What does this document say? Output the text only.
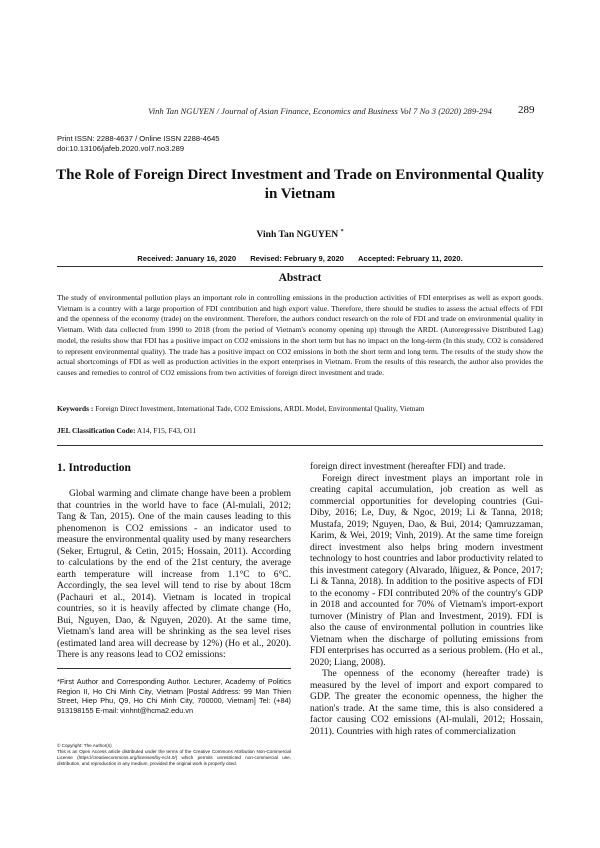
Vinh Tan NGUYEN / Journal of Asian Finance, Economics and Business Vol 7 No 3 (2020) 289-294	289
Print ISSN: 2288-4637 / Online ISSN 2288-4645
doi:10.13106/jafeb.2020.vol7.no3.289
The Role of Foreign Direct Investment and Trade on Environmental Quality in Vietnam
Vinh Tan NGUYEN *
Received: January 16, 2020 Revised: February 9, 2020 Accepted: February 11, 2020.
Abstract
The study of environmental pollution plays an important role in controlling emissions in the production activities of FDI enterprises as well as export goods. Vietnam is a country with a large proportion of FDI contribution and high export value. Therefore, there should be studies to assess the actual effects of FDI and the openness of the economy (trade) on the environment. Therefore, the authors conduct research on the role of FDI and trade on environmental quality in Vietnam. With data collected from 1990 to 2018 (from the period of Vietnam's economy opening up) through the ARDL (Autoregressive Distributed Lag) model, the results show that FDI has a positive impact on CO2 emissions in the short term but has no impact on the long-term (In this study, CO2 is considered to represent environmental quality). The trade has a positive impact on CO2 emissions in both the short term and long term. The results of the study show the actual shortcomings of FDI as well as production activities in the export enterprises in Vietnam. From the results of this research, the author also provides the causes and remedies to control of CO2 emissions from two activities of foreign direct investment and trade.
Keywords : Foreign Direct Investment, International Tade, CO2 Emissions, ARDL Model, Environmental Quality, Vietnam
JEL Classification Code: A14, F15, F43, O11
1. Introduction
Global warming and climate change have been a problem that countries in the world have to face (Al-mulali, 2012; Tang & Tan, 2015). One of the main causes leading to this phenomenon is CO2 emissions - an indicator used to measure the environmental quality used by many researchers (Seker, Ertugrul, & Cetin, 2015; Hossain, 2011). According to calculations by the end of the 21st century, the average earth temperature will increase from 1.1°C to 6°C. Accordingly, the sea level will tend to rise by about 18cm (Pachauri et al., 2014). Vietnam is located in tropical countries, so it is heavily affected by climate change (Ho, Bui, Nguyen, Dao, & Nguyen, 2020). At the same time, Vietnam's land area will be shrinking as the sea level rises (estimated land area will decrease by 12%) (Ho et al., 2020). There is any reasons lead to CO2 emissions:

foreign direct investment (hereafter FDI) and trade.

Foreign direct investment plays an important role in creating capital accumulation, job creation as well as commercial opportunities for developing countries (Gui-Diby, 2016; Le, Duy, & Ngoc, 2019; Li & Tanna, 2018; Mustafa, 2019; Nguyen, Dao, & Bui, 2014; Qamruzzaman, Karim, & Wei, 2019; Vinh, 2019). At the same time foreign direct investment also helps bring modern investment technology to host countries and labor productivity related to this investment category (Alvarado, Iñiguez, & Ponce, 2017; Li & Tanna, 2018). In addition to the positive aspects of FDI to the economy - FDI contributed 20% of the country's GDP in 2018 and accounted for 70% of Vietnam's import-export turnover (Ministry of Plan and Investment, 2019). FDI is also the cause of environmental pollution in countries like Vietnam when the discharge of polluting emissions from FDI enterprises has occurred as a serious problem. (Ho et al., 2020; Liang, 2008).

The openness of the economy (hereafter trade) is measured by the level of import and export compared to GDP. The greater the economic openness, the higher the nation's trade. At the same time, this is also considered a factor causing CO2 emissions (Al-mulali, 2012; Hossain, 2011). Countries with high rates of commercialization

*First Author and Corresponding Author. Lecturer, Academy of Politics Region II, Ho Chi Minh City, Vietnam [Postal Address: 99 Man Thien Street, Hiep Phu, Q9, Ho Chi Minh City, 700000, Vietnam] Tel: (+84) 913198155 E-mail: vinhnt@hcma2.edu.vn
© Copyright: The Author(s)
This is an Open Access article distributed under the terms of the Creative Commons Attribution Non-Commercial License (https://creativecommons.org/licenses/by-nc/4.0/) which permits unrestricted non-commercial use, distribution, and reproduction in any medium, provided the original work is properly cited.
